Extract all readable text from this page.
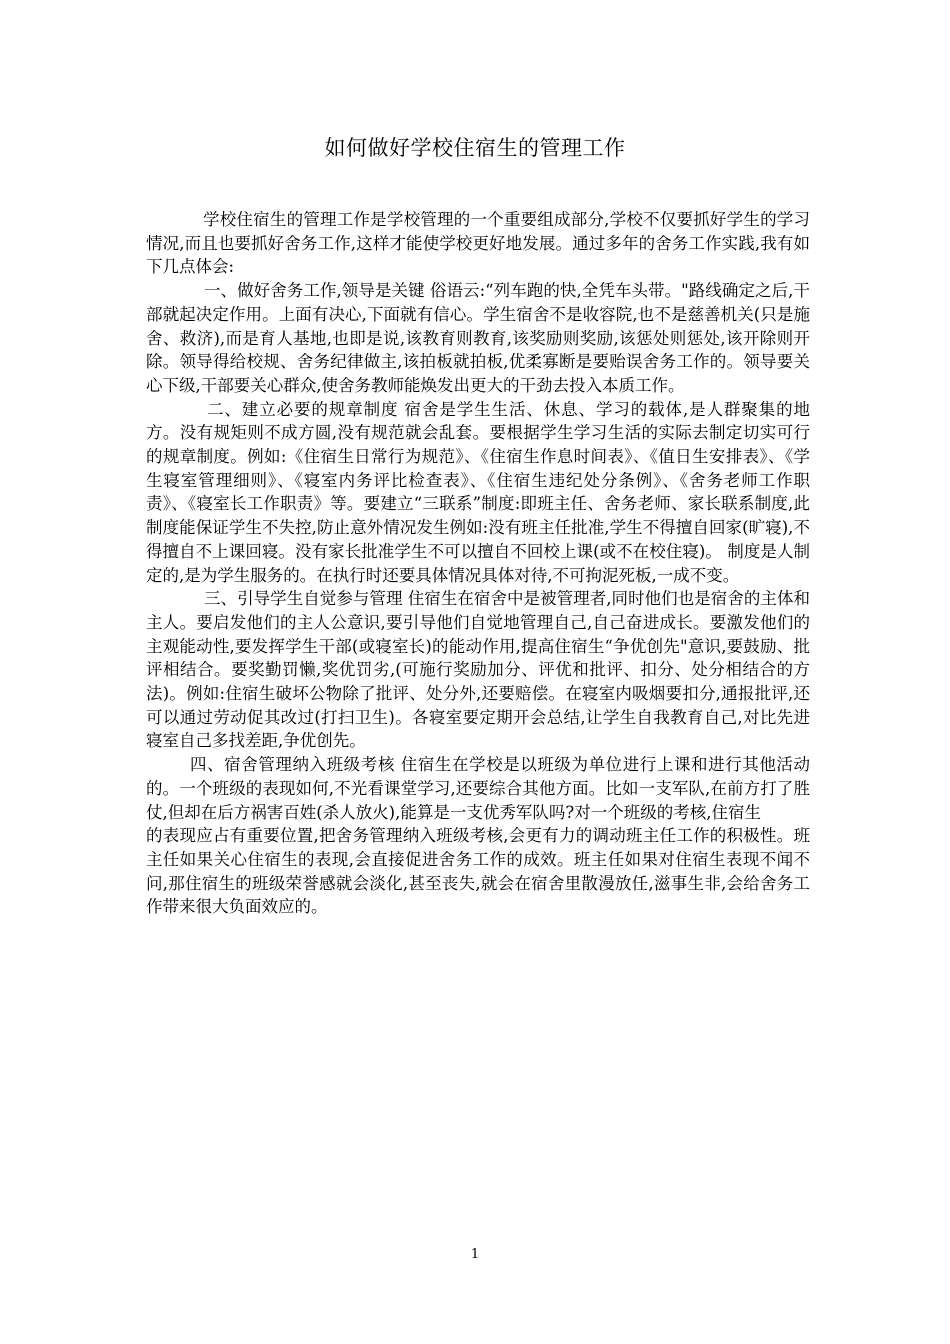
如何做好学校住宿生的管理工作

学校住宿生的管理工作是学校管理的一个重要组成部分,学校不仅要抓好学生的学习情况,而且也要抓好舍务工作,这样才能使学校更好地发展。通过多年的舍务工作实践,我有如下几点体会:

一、做好舍务工作,领导是关键 俗语云:“列车跑的快,全凭车头带。"路线确定之后,干部就起决定作用。上面有决心,下面就有信心。学生宿舍不是收容院,也不是慈善机关(只是施舍、救济),而是育人基地,也即是说,该教育则教育,该奖励则奖励,该惩处则惩处,该开除则开除。领导得给校规、舍务纪律做主,该拍板就拍板,优柔寡断是要贻误舍务工作的。领导要关心下级,干部要关心群众,使舍务教师能焕发出更大的干劲去投入本质工作。

二、建立必要的规章制度 宿舍是学生生活、休息、学习的载体,是人群聚集的地方。没有规矩则不成方圆,没有规范就会乱套。要根据学生学习生活的实际去制定切实可行的规章制度。例如:《住宿生日常行为规范》、《住宿生作息时间表》、《值日生安排表》、《学生寝室管理细则》、《寝室内务评比检查表》、《住宿生违纪处分条例》、《舍务老师工作职责》、《寝室长工作职责》等。要建立“三联系”制度:即班主任、舍务老师、家长联系制度,此制度能保证学生不失控,防止意外情况发生例如:没有班主任批准,学生不得擅自回家(旷寝),不得擅自不上课回寝。没有家长批准学生不可以擅自不回校上课(或不在校住寝)。 制度是人制定的,是为学生服务的。在执行时还要具体情况具体对待,不可拘泥死板,一成不变。

三、引导学生自觉参与管理 住宿生在宿舍中是被管理者,同时他们也是宿舍的主体和主人。要启发他们的主人公意识,要引导他们自觉地管理自己,自己奋进成长。要激发他们的主观能动性,要发挥学生干部(或寝室长)的能动作用,提高住宿生“争优创先"意识,要鼓励、批评相结合。要奖勤罚懒,奖优罚劣,(可施行奖励加分、评优和批评、扣分、处分相结合的方法)。例如:住宿生破坏公物除了批评、处分外,还要赔偿。在寝室内吸烟要扣分,通报批评,还可以通过劳动促其改过(打扫卫生)。各寝室要定期开会总结,让学生自我教育自己,对比先进寝室自己多找差距,争优创先。

四、宿舍管理纳入班级考核 住宿生在学校是以班级为单位进行上课和进行其他活动的。一个班级的表现如何,不光看课堂学习,还要综合其他方面。比如一支军队,在前方打了胜仗,但却在后方祸害百姓(杀人放火),能算是一支优秀军队吗?对一个班级的考核,住宿生

的表现应占有重要位置,把舍务管理纳入班级考核,会更有力的调动班主任工作的积极性。班主任如果关心住宿生的表现,会直接促进舍务工作的成效。班主任如果对住宿生表现不闻不问,那住宿生的班级荣誉感就会淡化,甚至丧失,就会在宿舍里散漫放任,滋事生非,会给舍务工作带来很大负面效应的。

1
